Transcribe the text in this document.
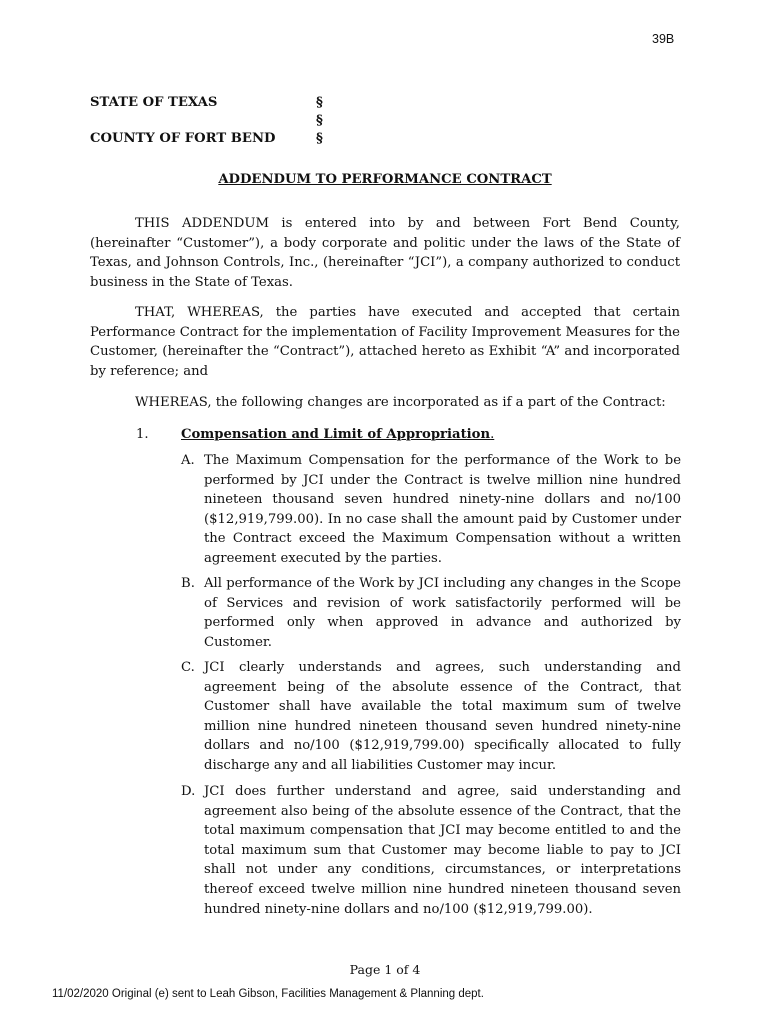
39B
STATE OF TEXAS	§
§
COUNTY OF FORT BEND	§
ADDENDUM TO PERFORMANCE CONTRACT

THIS ADDENDUM is entered into by and between Fort Bend County, (hereinafter “Customer”), a body corporate and politic under the laws of the State of Texas, and Johnson Controls, Inc., (hereinafter “JCI”), a company authorized to conduct business in the State of Texas.

THAT, WHEREAS, the parties have executed and accepted that certain Performance Contract for the implementation of Facility Improvement Measures for the Customer, (hereinafter the “Contract”), attached hereto as Exhibit “A” and incorporated by reference; and

WHEREAS, the following changes are incorporated as if a part of the Contract:

1. Compensation and Limit of Appropriation.
A. The Maximum Compensation for the performance of the Work to be performed by JCI under the Contract is twelve million nine hundred nineteen thousand seven hundred ninety-nine dollars and no/100 ($12,919,799.00). In no case shall the amount paid by Customer under the Contract exceed the Maximum Compensation without a written agreement executed by the parties.

B. All performance of the Work by JCI including any changes in the Scope of Services and revision of work satisfactorily performed will be performed only when approved in advance and authorized by Customer.

C. JCI clearly understands and agrees, such understanding and agreement being of the absolute essence of the Contract, that Customer shall have available the total maximum sum of twelve million nine hundred nineteen thousand seven hundred ninety-nine dollars and no/100 ($12,919,799.00) specifically allocated to fully discharge any and all liabilities Customer may incur.

D. JCI does further understand and agree, said understanding and agreement also being of the absolute essence of the Contract, that the total maximum compensation that JCI may become entitled to and the total maximum sum that Customer may become liable to pay to JCI shall not under any conditions, circumstances, or interpretations thereof exceed twelve million nine hundred nineteen thousand seven hundred ninety-nine dollars and no/100 ($12,919,799.00).

Page 1 of 4
11/02/2020 Original (e) sent to Leah Gibson, Facilities Management & Planning dept.
